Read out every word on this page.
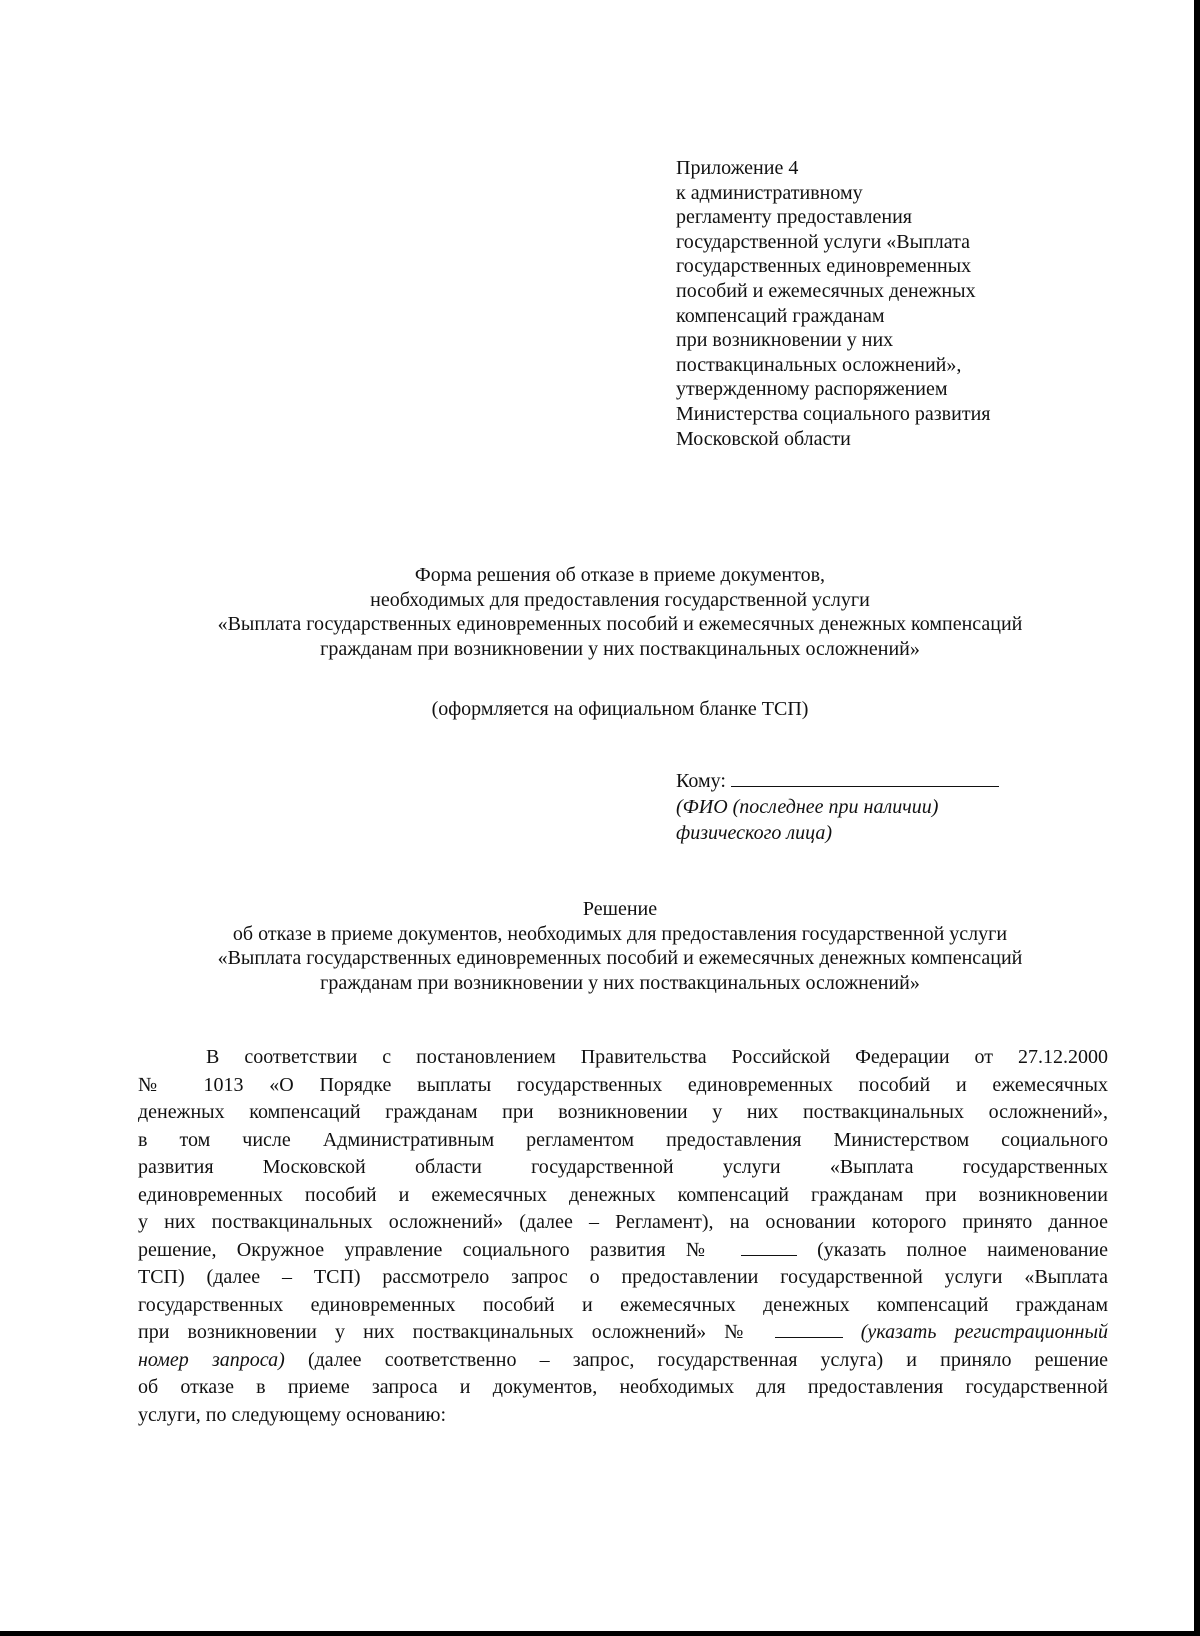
Приложение 4
к административному
регламенту предоставления
государственной услуги «Выплата
государственных единовременных
пособий и ежемесячных денежных
компенсаций гражданам
при возникновении у них
поствакцинальных осложнений»,
утвержденному распоряжением
Министерства социального развития
Московской области
Форма решения об отказе в приеме документов,
необходимых для предоставления государственной услуги
«Выплата государственных единовременных пособий и ежемесячных денежных компенсаций
гражданам при возникновении у них поствакцинальных осложнений»
(оформляется на официальном бланке ТСП)
Кому:
(ФИО (последнее при наличии)
физического лица)
Решение
об отказе в приеме документов, необходимых для предоставления государственной услуги
«Выплата государственных единовременных пособий и ежемесячных денежных компенсаций
гражданам при возникновении у них поствакцинальных осложнений»
В соответствии с постановлением Правительства Российской Федерации от 27.12.2000
№ 1013 «О Порядке выплаты государственных единовременных пособий и ежемесячных
денежных компенсаций гражданам при возникновении у них поствакцинальных осложнений»,
в том числе Административным регламентом предоставления Министерством социального
развития Московской области государственной услуги «Выплата государственных
единовременных пособий и ежемесячных денежных компенсаций гражданам при возникновении
у них поствакцинальных осложнений» (далее – Регламент), на основании которого принято данное
решение, Окружное управление социального развития №	(указать полное наименование
ТСП) (далее – ТСП) рассмотрело запрос о предоставлении государственной услуги «Выплата
государственных единовременных пособий и ежемесячных денежных компенсаций гражданам
при возникновении у них поствакцинальных осложнений» №	(указать регистрационный
номер запроса) (далее соответственно – запрос, государственная услуга) и приняло решение
об отказе в приеме запроса и документов, необходимых для предоставления государственной
услуги, по следующему основанию:
